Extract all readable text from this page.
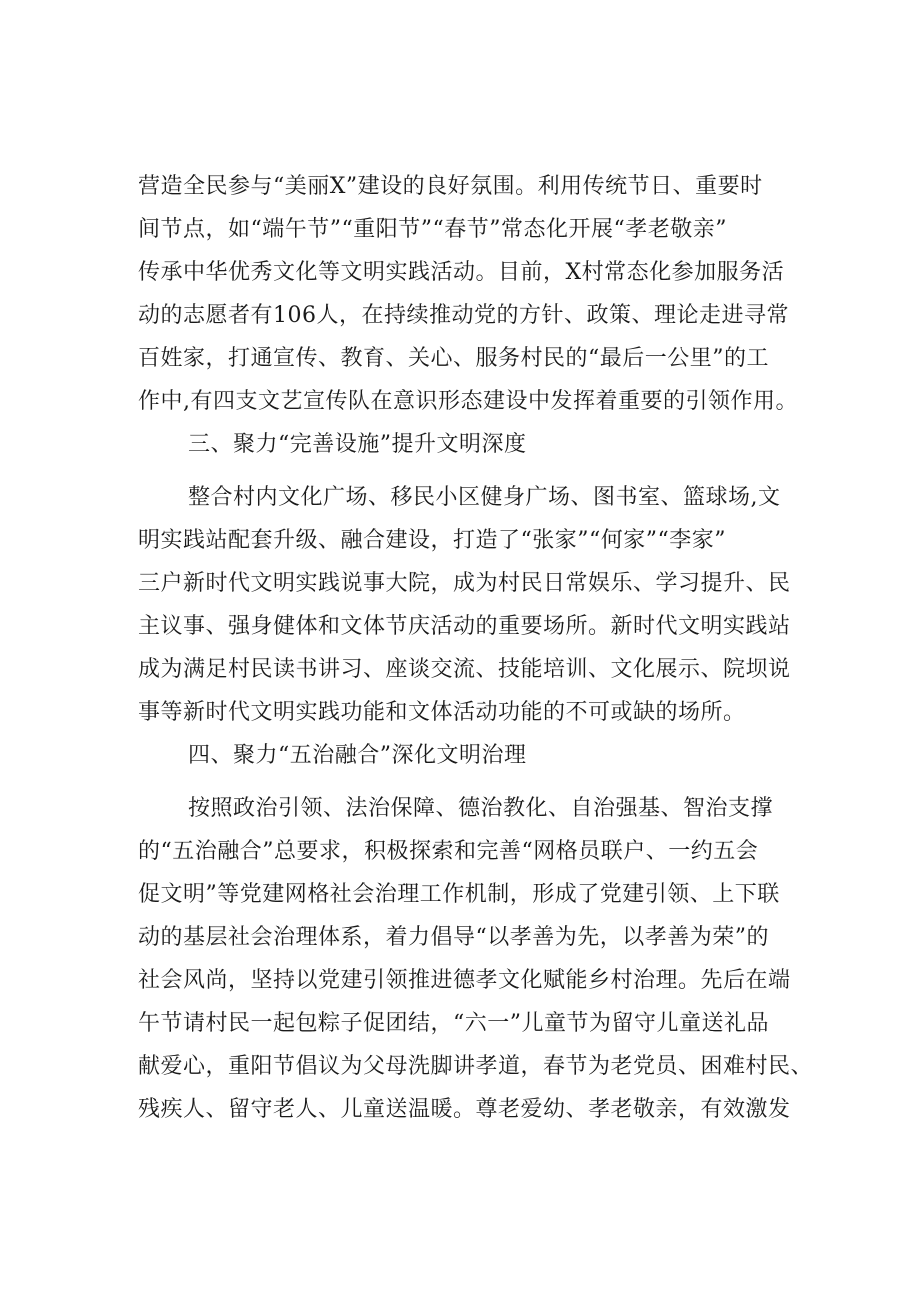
营造全民参与“美丽X”建设的良好氛围。利用传统节日、重要时
间节点，如“端午节”“重阳节”“春节”常态化开展“孝老敬亲”
传承中华优秀文化等文明实践活动。目前，X村常态化参加服务活
动的志愿者有106人，在持续推动党的方针、政策、理论走进寻常
百姓家，打通宣传、教育、关心、服务村民的“最后一公里”的工
作中,有四支文艺宣传队在意识形态建设中发挥着重要的引领作用。
三、聚力“完善设施”提升文明深度
整合村内文化广场、移民小区健身广场、图书室、篮球场,文
明实践站配套升级、融合建设，打造了“张家”“何家”“李家”
三户新时代文明实践说事大院，成为村民日常娱乐、学习提升、民
主议事、强身健体和文体节庆活动的重要场所。新时代文明实践站
成为满足村民读书讲习、座谈交流、技能培训、文化展示、院坝说
事等新时代文明实践功能和文体活动功能的不可或缺的场所。
四、聚力“五治融合”深化文明治理
按照政治引领、法治保障、德治教化、自治强基、智治支撑
的“五治融合”总要求，积极探索和完善“网格员联户、一约五会
促文明”等党建网格社会治理工作机制，形成了党建引领、上下联
动的基层社会治理体系，着力倡导“以孝善为先，以孝善为荣”的
社会风尚，坚持以党建引领推进德孝文化赋能乡村治理。先后在端
午节请村民一起包粽子促团结，“六一”儿童节为留守儿童送礼品
献爱心，重阳节倡议为父母洗脚讲孝道，春节为老党员、困难村民、
残疾人、留守老人、儿童送温暖。尊老爱幼、孝老敬亲，有效激发
